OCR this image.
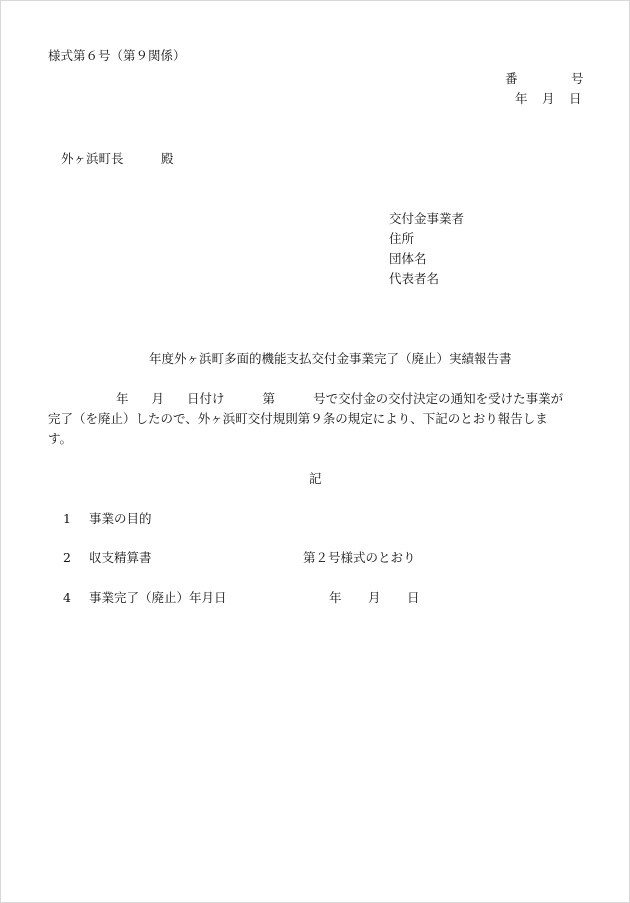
様式第６号（第９関係）
番	号
年 月 日
外ヶ浜町長	殿
交付金事業者
住所
団体名
代表者名
年度外ヶ浜町多面的機能支払交付金事業完了（廃止）実績報告書
年 月 日付け	第	号で交付金の交付決定の通知を受けた事業が
完了（を廃止）したので、外ヶ浜町交付規則第９条の規定により、下記のとおり報告しま
す。
記
1 事業の目的
2 収支精算書	第２号様式のとおり
4 事業完了（廃止）年月日	年 月 日
